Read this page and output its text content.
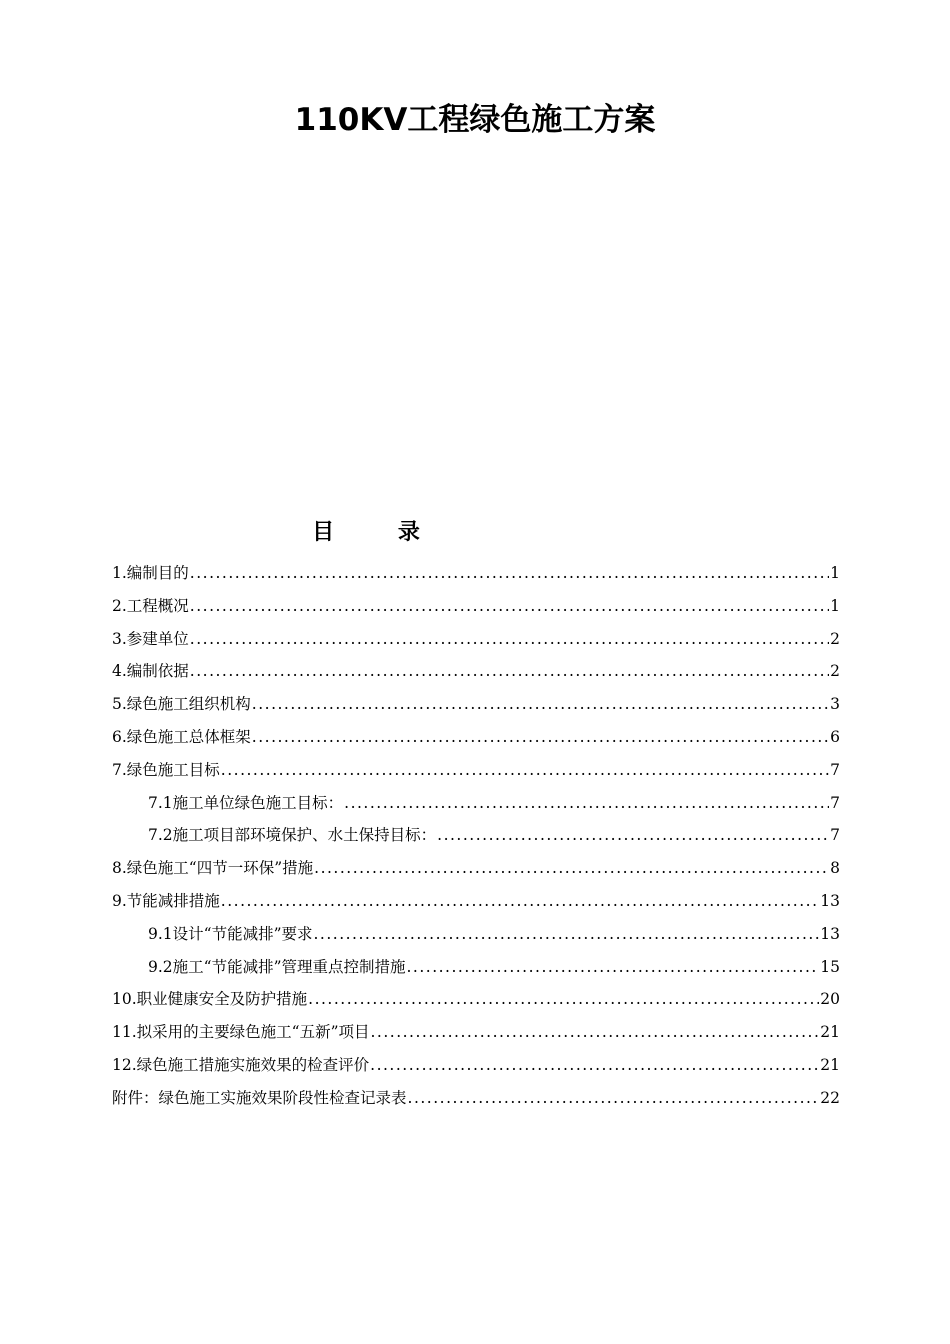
110KV工程绿色施工方案
目 录
1.编制目的 .....	1
2.工程概况 .....	1
3.参建单位 .....	2
4.编制依据 .....	2
5.绿色施工组织机构 .....	3
6.绿色施工总体框架 .....	6
7.绿色施工目标 .....	7
7.1施工单位绿色施工目标： .....	7
7.2施工项目部环境保护、水土保持目标： .....	7
8.绿色施工“四节一环保”措施 .....	8
9.节能减排措施 .....	13
9.1设计“节能减排”要求 .....	13
9.2施工“节能减排”管理重点控制措施 .....	15
10.职业健康安全及防护措施 .....	20
11.拟采用的主要绿色施工“五新”项目 .....	21
12.绿色施工措施实施效果的检查评价 .....	21
附件：绿色施工实施效果阶段性检查记录表 .....	22
